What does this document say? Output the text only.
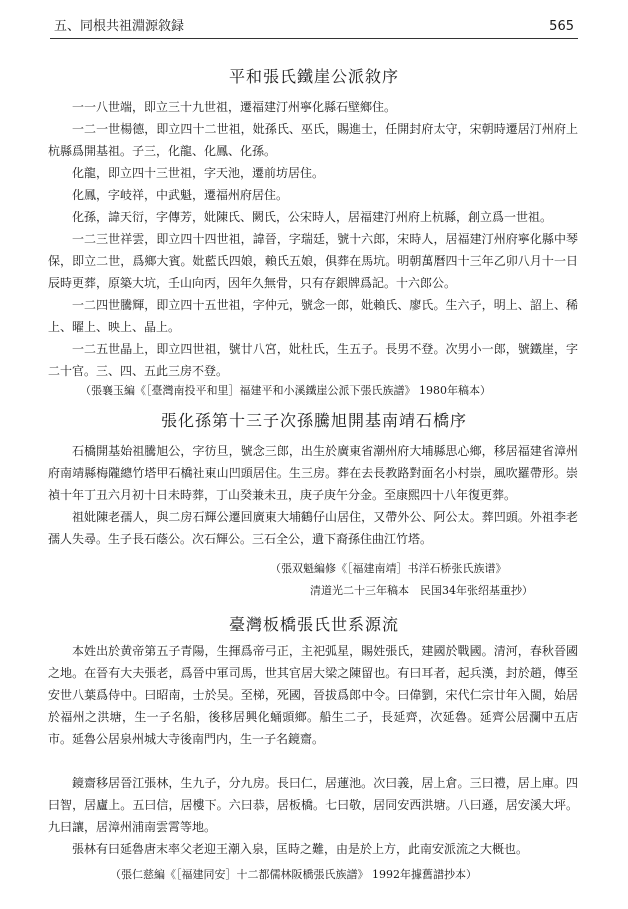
五、同根共祖淵源敘録	565
平和張氏鐵崖公派敘序
一一八世端，即立三十九世祖，遷福建汀州寧化縣石壁鄉住。
一二一世楊德，即立四十二世祖，妣孫氏、巫氏，賜進士，任開封府太守，宋朝時遷居汀州府上杭縣爲開基祖。子三，化龍、化鳳、化孫。
化龍，即立四十三世祖，字天池，遷前坊居住。
化鳳，字岐祥，中武魁，遷福州府居住。
化孫，諱天衍，字傳芳，妣陳氏、闕氏，公宋時人，居福建汀州府上杭縣，創立爲一世祖。
一二三世祥雲，即立四十四世祖，諱晉，字瑞廷，號十六郎，宋時人，居福建汀州府寧化縣中琴保，即立二世，爲鄉大賓。妣藍氏四娘，賴氏五娘，俱葬在馬坑。明朝萬曆四十三年乙卯八月十一日辰時更葬，原築大坑，壬山向丙，因年久無骨，只有存銀牌爲記。十六郎公。
一二四世騰輝，即立四十五世祖，字仲元，號念一郎，妣賴氏、廖氏。生六子，明上、詔上、稀上、曜上、映上、晶上。
一二五世晶上，即立四世祖，號廿八宮，妣杜氏，生五子。長男不登。次男小一郎，號鐵崖，字二十官。三、四、五此三房不登。
（張襄玉編《［臺灣南投平和里］福建平和小溪鐵崖公派下張氏族譜》 1980年稿本）
張化孫第十三子次孫騰旭開基南靖石橋序
石橋開基始祖騰旭公，字彷旦，號念三郎，出生於廣東省潮州府大埔縣思心鄉，移居福建省漳州府南靖縣梅隴總竹塔甲石橋社東山凹頭居住。生三房。葬在去長教路對面名小村崇，風吹羅帶形。崇禎十年丁丑六月初十日未時葬，丁山癸兼未丑，庚子庚午分金。至康熙四十八年復更葬。
祖妣陳老孺人，與二房石輝公遷回廣東大埔鶴仔山居住，又帶外公、阿公太。葬凹頭。外祖李老孺人失尋。生子長石蔭公。次石輝公。三石全公，遺下裔孫住曲江竹塔。
（張双魁編修《［福建南靖］书洋石桥张氏族谱》
清道光二十三年稿本　民国34年张绍基重抄）
臺灣板橋張氏世系源流
本姓出於黄帝第五子青陽，生揮爲帝弓正，主祀弧星，賜姓張氏，建國於戰國。清河，春秋晉國之地。在晉有大夫張老，爲晉中軍司馬，世其官居大梁之陳留也。有曰耳者，起兵漢，封於趙，傳至安世八葉爲侍中。曰昭南，士於吴。至梯，死國，晉拔爲郎中令。曰偉劉，宋代仁宗廿年入閩，始居於福州之洪塘，生一子名船，後移居興化蛹頭鄉。船生二子，長延齊，次延魯。延齊公居瀾中五店市。延魯公居泉州城大寺後南門内，生一子名鏡齋。
鏡齋移居晉江張林，生九子，分九房。長曰仁，居蓮池。次曰義，居上倉。三曰禮，居上庫。四曰智，居廬上。五曰信，居樓下。六曰恭，居板橋。七曰敬，居同安西洪塘。八曰遜，居安溪大坪。九曰讓，居漳州浦南雲霄等地。
張林有曰延魯唐末率父老迎王潮入泉，匡時之難，由是於上方，此南安派流之大概也。
（張仁慈編《［福建同安］十二都儒林阪橋張氏族譜》 1992年據舊譜抄本）
